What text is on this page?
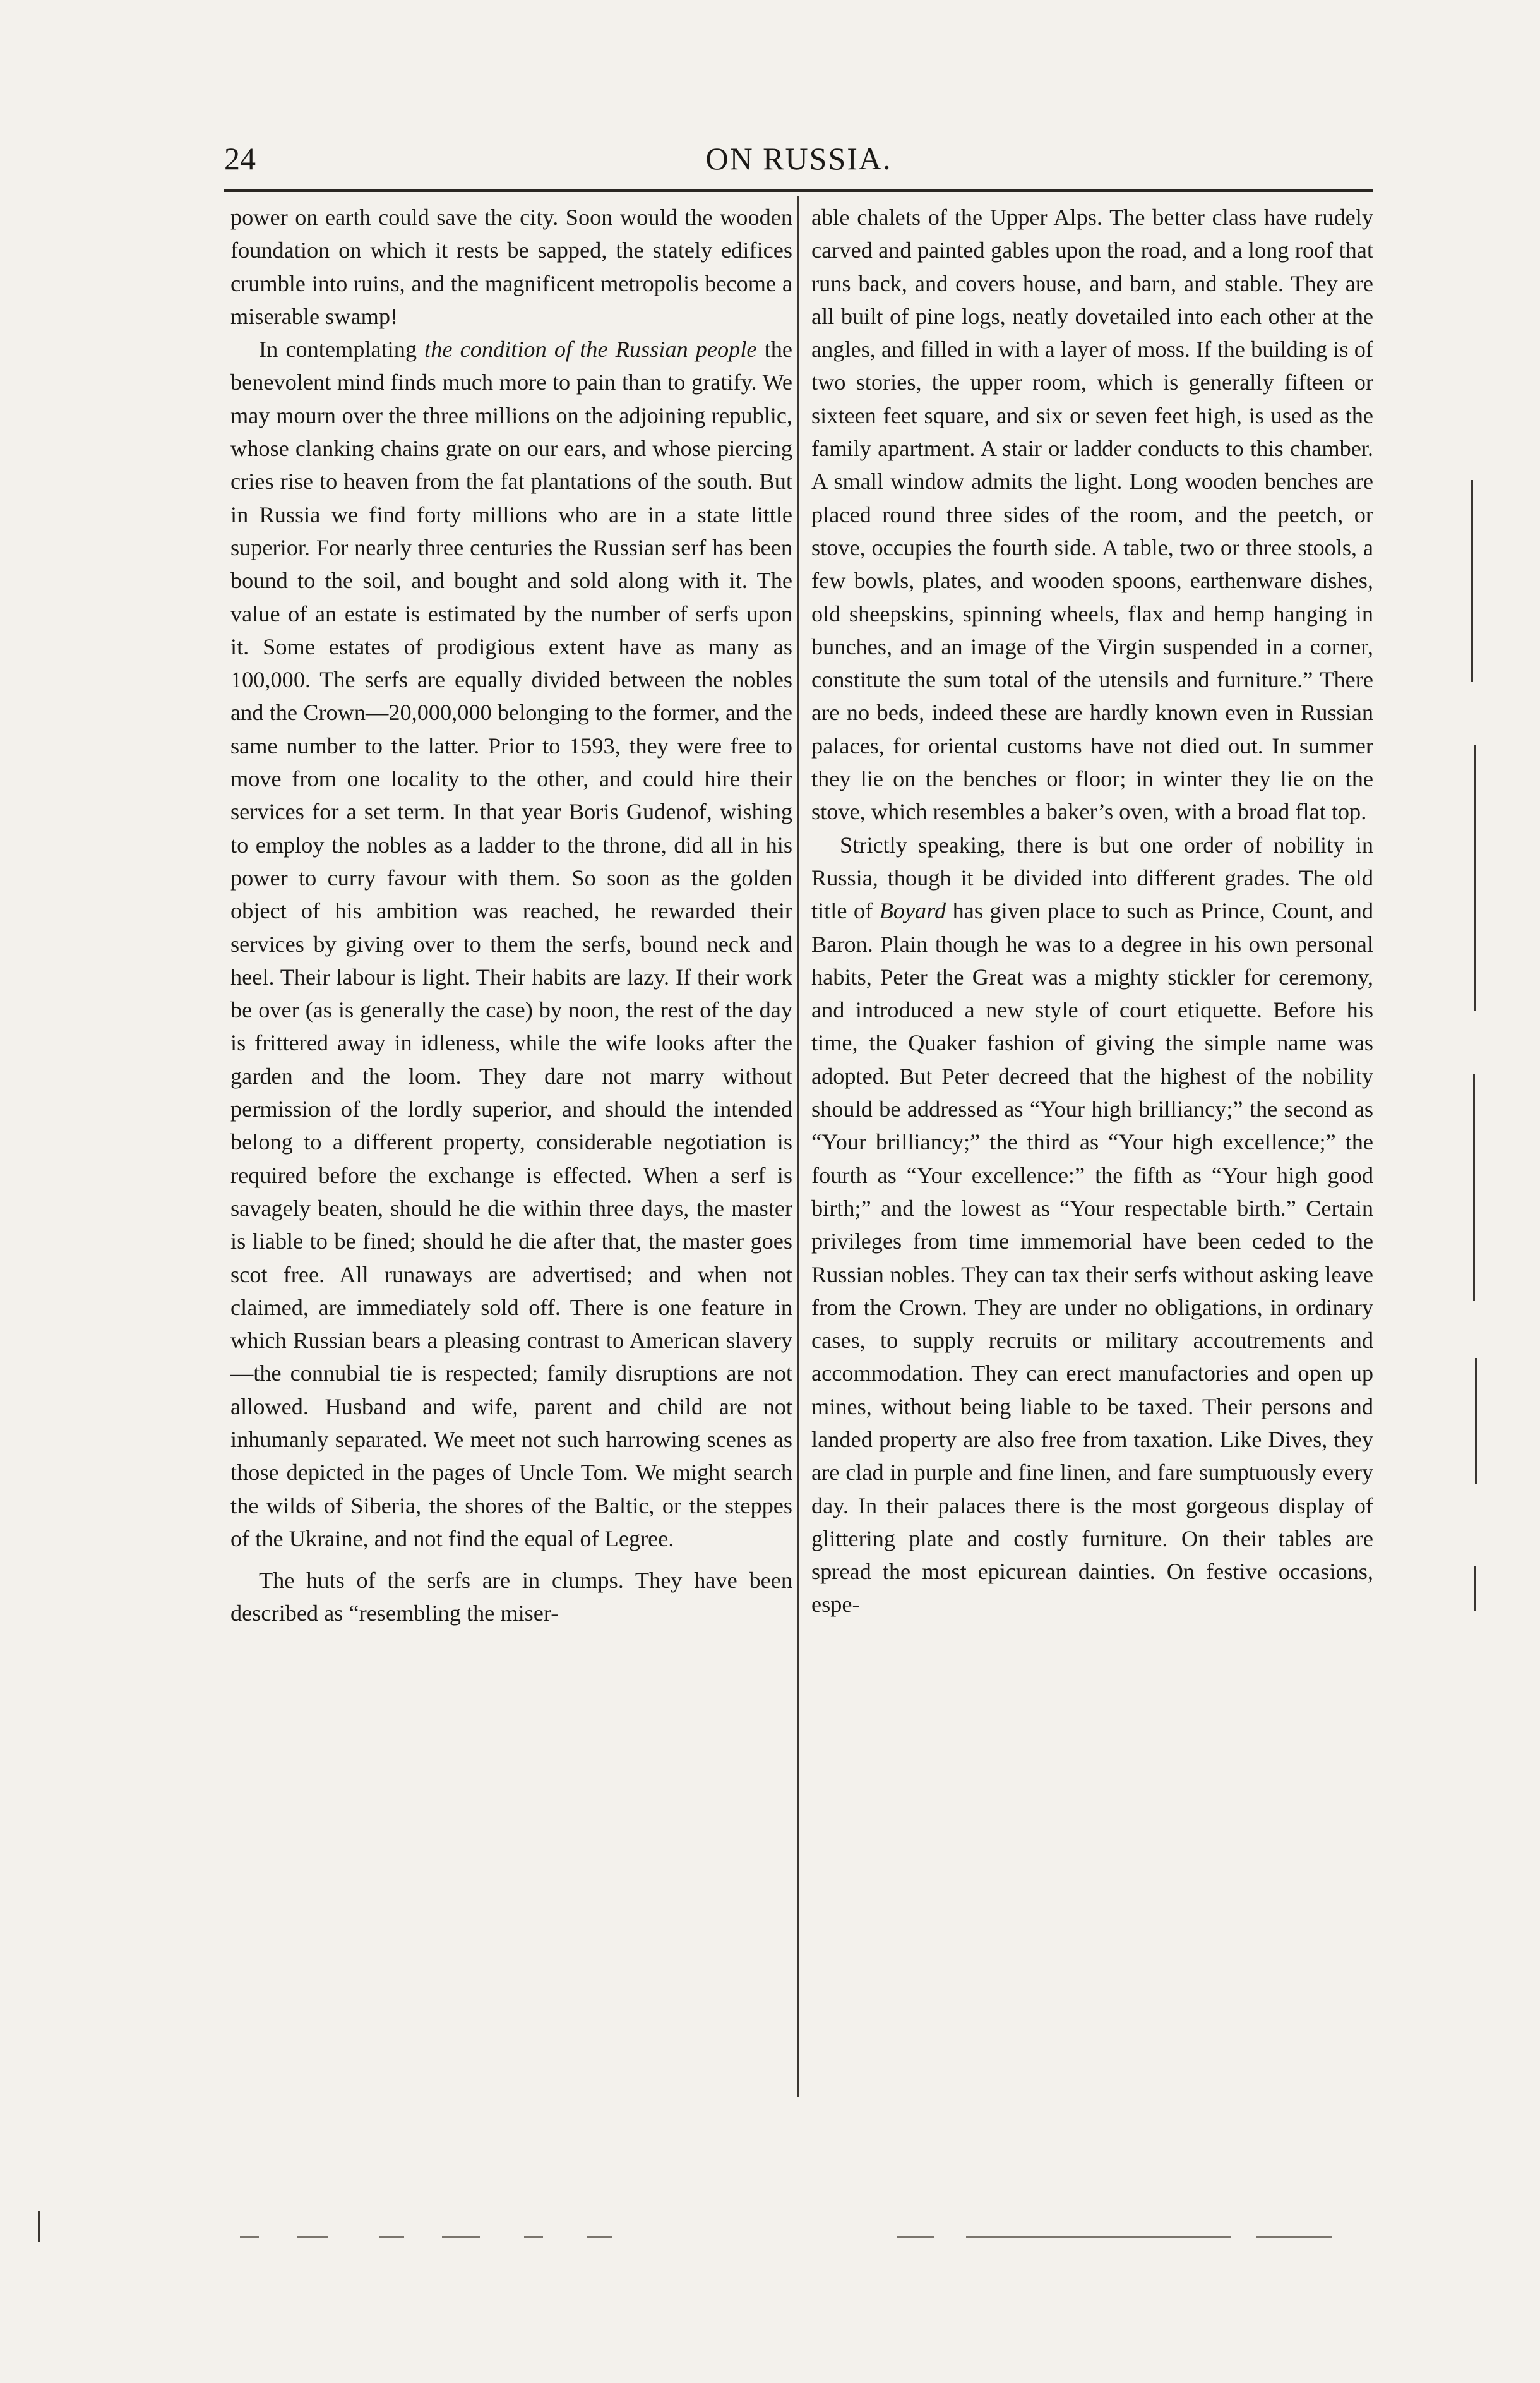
24	ON RUSSIA.

power on earth could save the city. Soon would the wooden foundation on which it rests be sapped, the stately edifices crumble into ruins, and the magnificent metropolis become a miserable swamp!

In contemplating the condition of the Russian people the benevolent mind finds much more to pain than to gratify. We may mourn over the three millions on the adjoining republic, whose clanking chains grate on our ears, and whose piercing cries rise to heaven from the fat plantations of the south. But in Russia we find forty millions who are in a state little superior. For nearly three centuries the Russian serf has been bound to the soil, and bought and sold along with it. The value of an estate is estimated by the number of serfs upon it. Some estates of prodigious extent have as many as 100,000. The serfs are equally divided between the nobles and the Crown—20,000,000 belonging to the former, and the same number to the latter. Prior to 1593, they were free to move from one locality to the other, and could hire their services for a set term. In that year Boris Gudenof, wishing to employ the nobles as a ladder to the throne, did all in his power to curry favour with them. So soon as the golden object of his ambition was reached, he rewarded their services by giving over to them the serfs, bound neck and heel. Their labour is light. Their habits are lazy. If their work be over (as is generally the case) by noon, the rest of the day is frittered away in idleness, while the wife looks after the garden and the loom. They dare not marry without permission of the lordly superior, and should the intended belong to a different property, considerable negotiation is required before the exchange is effected. When a serf is savagely beaten, should he die within three days, the master is liable to be fined; should he die after that, the master goes scot free. All runaways are advertised; and when not claimed, are immediately sold off. There is one feature in which Russian bears a pleasing contrast to American slavery—the connubial tie is respected; family disruptions are not allowed. Husband and wife, parent and child are not inhumanly separated. We meet not such harrowing scenes as those depicted in the pages of Uncle Tom. We might search the wilds of Siberia, the shores of the Baltic, or the steppes of the Ukraine, and not find the equal of Legree.

The huts of the serfs are in clumps. They have been described as “resembling the miser-

able chalets of the Upper Alps. The better class have rudely carved and painted gables upon the road, and a long roof that runs back, and covers house, and barn, and stable. They are all built of pine logs, neatly dovetailed into each other at the angles, and filled in with a layer of moss. If the building is of two stories, the upper room, which is generally fifteen or sixteen feet square, and six or seven feet high, is used as the family apartment. A stair or ladder conducts to this chamber. A small window admits the light. Long wooden benches are placed round three sides of the room, and the peetch, or stove, occupies the fourth side. A table, two or three stools, a few bowls, plates, and wooden spoons, earthenware dishes, old sheepskins, spinning wheels, flax and hemp hanging in bunches, and an image of the Virgin suspended in a corner, constitute the sum total of the utensils and furniture.” There are no beds, indeed these are hardly known even in Russian palaces, for oriental customs have not died out. In summer they lie on the benches or floor; in winter they lie on the stove, which resembles a baker’s oven, with a broad flat top.

Strictly speaking, there is but one order of nobility in Russia, though it be divided into different grades. The old title of Boyard has given place to such as Prince, Count, and Baron. Plain though he was to a degree in his own personal habits, Peter the Great was a mighty stickler for ceremony, and introduced a new style of court etiquette. Before his time, the Quaker fashion of giving the simple name was adopted. But Peter decreed that the highest of the nobility should be addressed as “Your high brilliancy;” the second as “Your brilliancy;” the third as “Your high excellence;” the fourth as “Your excellence:” the fifth as “Your high good birth;” and the lowest as “Your respectable birth.” Certain privileges from time immemorial have been ceded to the Russian nobles. They can tax their serfs without asking leave from the Crown. They are under no obligations, in ordinary cases, to supply recruits or military accoutrements and accommodation. They can erect manufactories and open up mines, without being liable to be taxed. Their persons and landed property are also free from taxation. Like Dives, they are clad in purple and fine linen, and fare sumptuously every day. In their palaces there is the most gorgeous display of glittering plate and costly furniture. On their tables are spread the most epicurean dainties. On festive occasions, espe-
